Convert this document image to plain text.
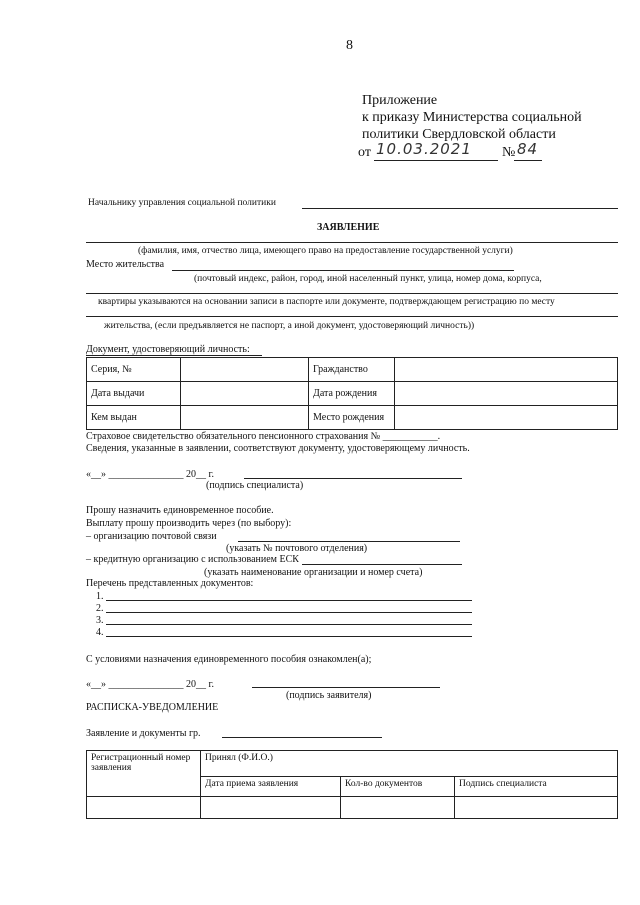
8
Приложение
к приказу Министерства социальной
политики Свердловской области
от 10.03.2021 № 84
Начальнику управления социальной политики
ЗАЯВЛЕНИЕ
(фамилия, имя, отчество лица, имеющего право на предоставление государственной услуги)
Место жительства
(почтовый индекс, район, город, иной населенный пункт, улица, номер дома, корпуса,
квартиры указываются на основании записи в паспорте или документе, подтверждающем регистрацию по месту
жительства, (если предъявляется не паспорт, а иной документ, удостоверяющий личность))
Документ, удостоверяющий личность:
Серия, №		Гражданство	
Дата выдачи		Дата рождения	
Кем выдан		Место рождения	
Страховое свидетельство обязательного пенсионного страхования № ___________.
Сведения, указанные в заявлении, соответствуют документу, удостоверяющему личность.
«__» _______________ 20__ г.
(подпись специалиста)
Прошу назначить единовременное пособие.
Выплату прошу производить через (по выбору):
– организацию почтовой связи
(указать № почтового отделения)
– кредитную организацию с использованием ЕСК
(указать наименование организации и номер счета)
Перечень представленных документов:
1.
2.
3.
4.
С условиями назначения единовременного пособия ознакомлен(а);
«__» _______________ 20__ г.
(подпись заявителя)
РАСПИСКА-УВЕДОМЛЕНИЕ
Заявление и документы гр.
Регистрационный номер заявления	Принял (Ф.И.О.)		
	Дата приема заявления	Кол-во документов	Подпись специалиста
